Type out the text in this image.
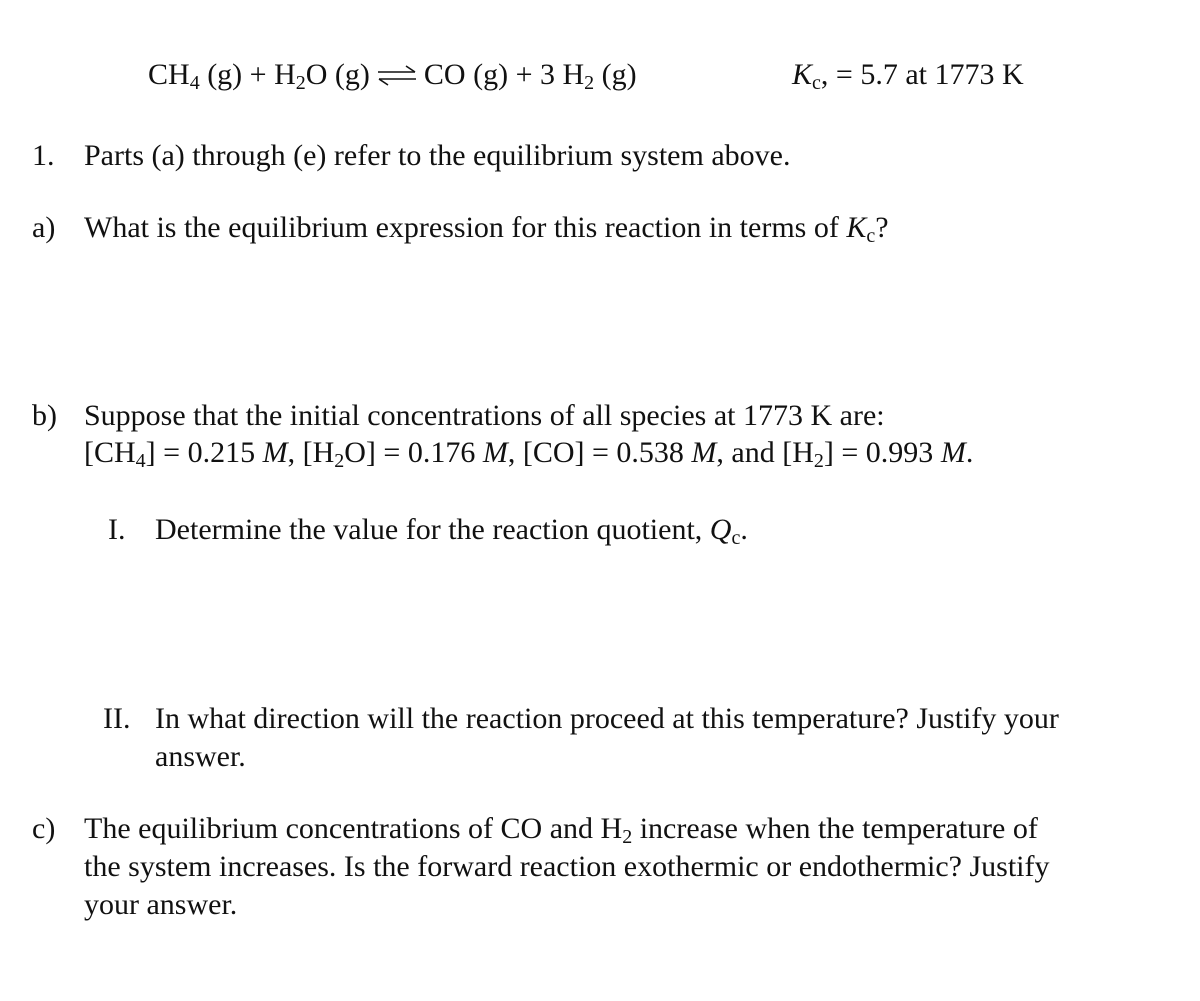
$CH_4$ $(g) + H_2O$ (g) ⇌ CO (g) + 3 $H_2$ (g)	$K_c$, = 5.7 at 1773 K
1. Parts (a) through (e) refer to the equilibrium system above.
a) What is the equilibrium expression for this reaction in terms of $K_c$?
b) Suppose that the initial concentrations of all species at 1773 K are:
$[CH_4] = 0.215$ M, $[H_2O] = 0.176$ M, [CO] = 0.538 M, and $[H_2] = 0.993$ M.
I. Determine the value for the reaction quotient, $Q_c$.
II. In what direction will the reaction proceed at this temperature? Justify your
answer.
c) The equilibrium concentrations of CO and $H_2$ increase when the temperature of
the system increases. Is the forward reaction exothermic or endothermic? Justify
your answer.
